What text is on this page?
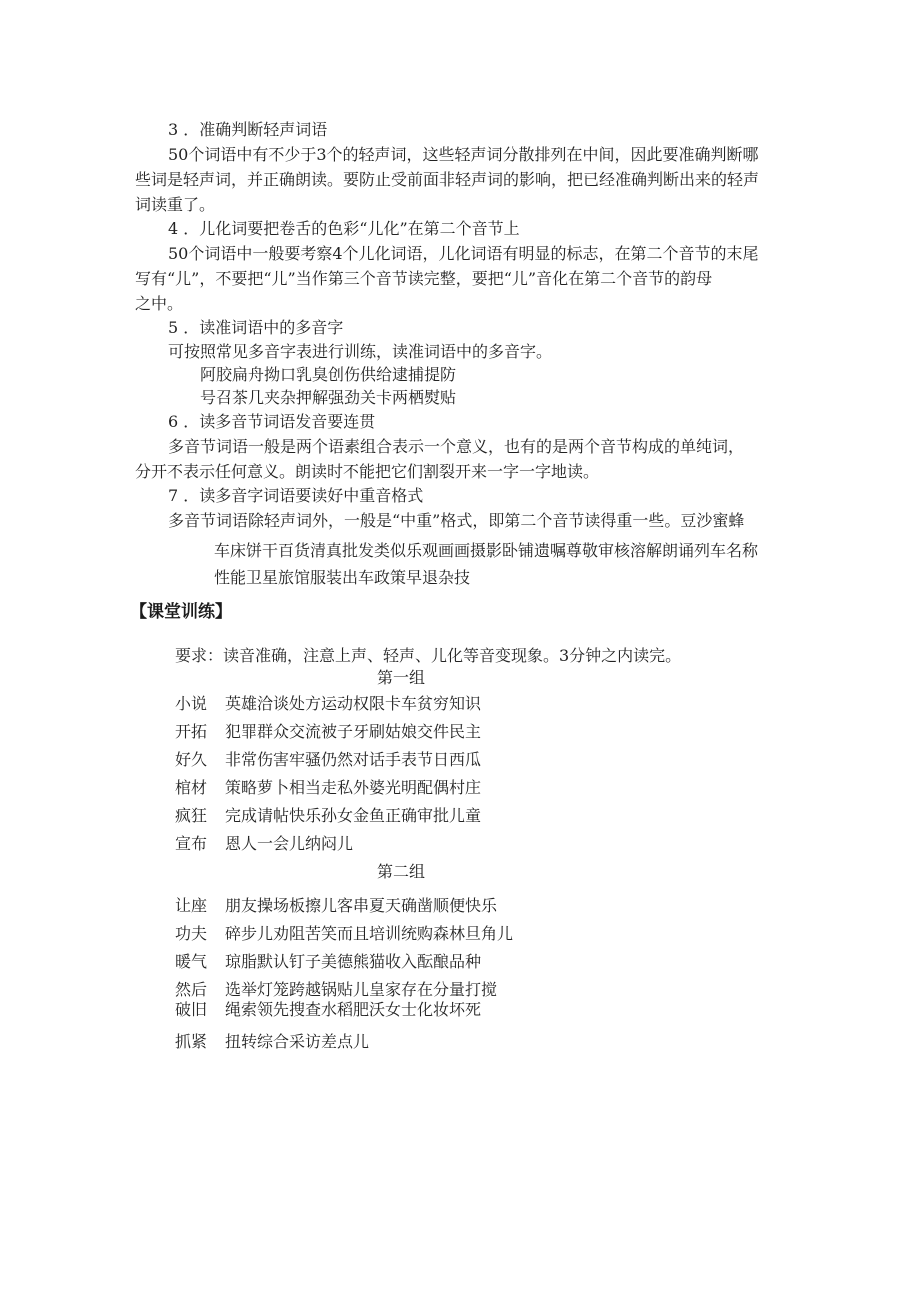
3 ．准确判断轻声词语
50个词语中有不少于3个的轻声词，这些轻声词分散排列在中间，因此要准确判断哪
些词是轻声词，并正确朗读。要防止受前面非轻声词的影响，把已经准确判断出来的轻声
词读重了。
4 ．儿化词要把卷舌的色彩“儿化”在第二个音节上
50个词语中一般要考察4个儿化词语，儿化词语有明显的标志，在第二个音节的末尾
写有“儿”，不要把“儿”当作第三个音节读完整，要把“儿”音化在第二个音节的韵母
之中。
5 ．读准词语中的多音字
可按照常见多音字表进行训练，读准词语中的多音字。
阿胶扁舟拗口乳臭创伤供给逮捕提防
号召茶几夹杂押解强劲关卡两栖熨贴
6 ．读多音节词语发音要连贯
多音节词语一般是两个语素组合表示一个意义，也有的是两个音节构成的单纯词，
分开不表示任何意义。朗读时不能把它们割裂开来一字一字地读。
7 ．读多音字词语要读好中重音格式
多音节词语除轻声词外，一般是“中重”格式，即第二个音节读得重一些。豆沙蜜蜂
车床饼干百货清真批发类似乐观画画摄影卧铺遗嘱尊敬审核溶解朗诵列车名称
性能卫星旅馆服装出车政策早退杂技
【课堂训练】
要求：读音准确，注意上声、轻声、儿化等音变现象。3分钟之内读完。
第一组
小说 英雄洽谈处方运动权限卡车贫穷知识
开拓 犯罪群众交流被子牙刷姑娘交件民主
好久 非常伤害牢骚仍然对话手表节日西瓜
棺材 策略萝卜相当走私外婆光明配偶村庄
疯狂 完成请帖快乐孙女金鱼正确审批儿童
宣布 恩人一会儿纳闷儿
第二组
让座 朋友操场板擦儿客串夏天确凿顺便快乐
功夫 碎步儿劝阻苦笑而且培训统购森林旦角儿
暖气 琼脂默认钉子美德熊猫收入酝酿品种
然后 选举灯笼跨越锅贴儿皇家存在分量打搅
破旧 绳索领先搜查水稻肥沃女士化妆坏死
抓紧 扭转综合采访差点儿
